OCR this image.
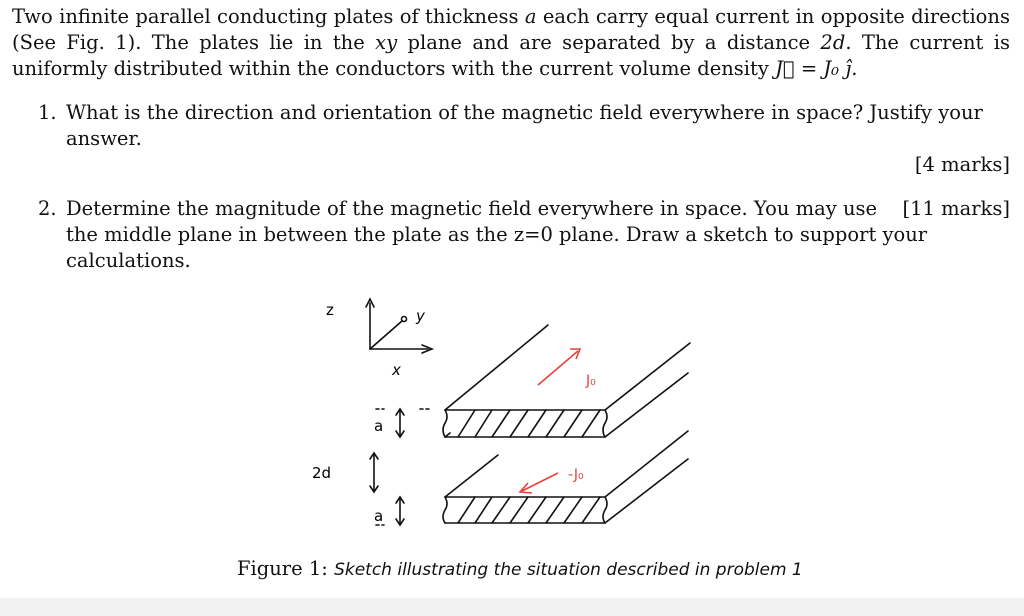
Two infinite parallel conducting plates of thickness a each carry equal current in opposite directions (See Fig. 1). The plates lie in the xy plane and are separated by a distance 2d. The current is uniformly distributed within the conductors with the current volume density J⃗ = J₀ ĵ.

1. What is the direction and orientation of the magnetic field everywhere in space? Justify your answer.
[4 marks]
2.	[11 marks]
Determine the magnitude of the magnetic field everywhere in space. You may use the middle plane in between the plate as the z=0 plane. Draw a sketch to support your calculations.
z	y
x
a
2d
a
J₀
-J₀
Figure 1: Sketch illustrating the situation described in problem 1
